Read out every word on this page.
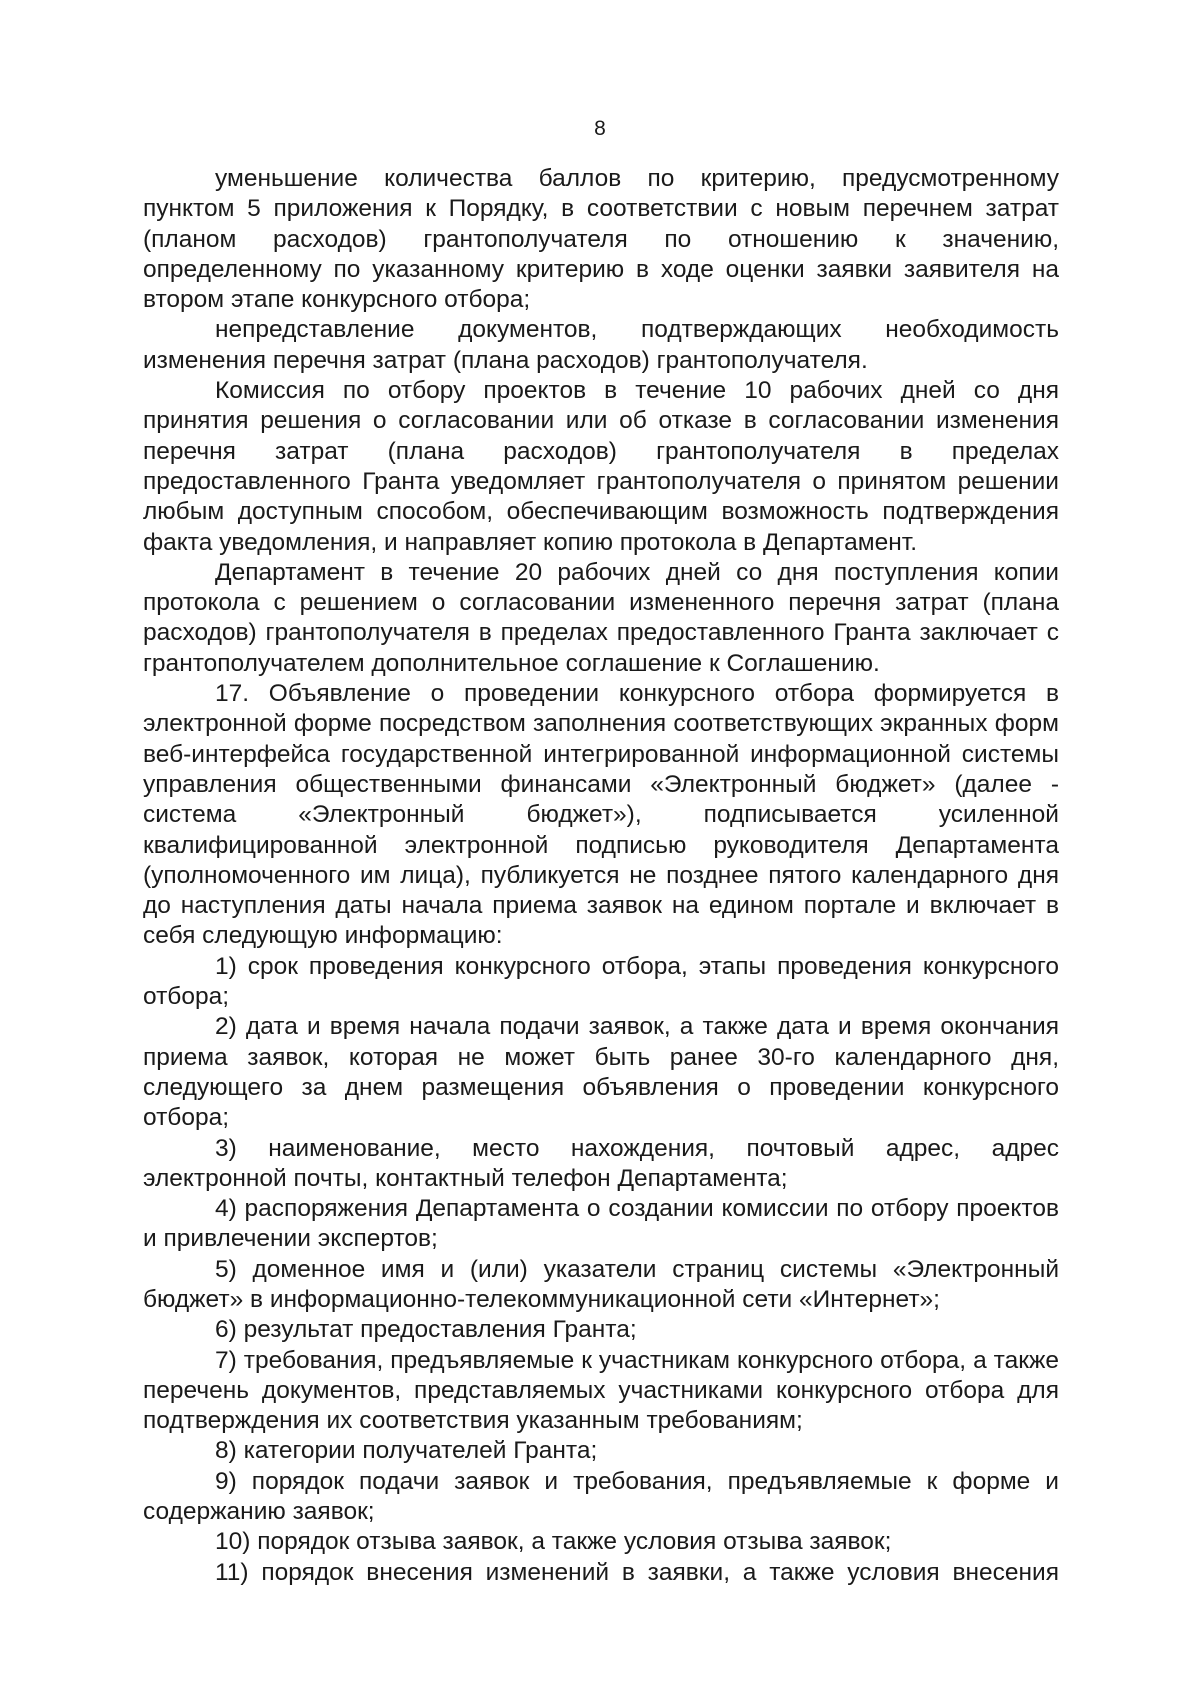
8

уменьшение количества баллов по критерию, предусмотренному пунктом 5 приложения к Порядку, в соответствии с новым перечнем затрат (планом расходов) грантополучателя по отношению к значению, определенному по указанному критерию в ходе оценки заявки заявителя на втором этапе конкурсного отбора;

непредставление документов, подтверждающих необходимость изменения перечня затрат (плана расходов) грантополучателя.

Комиссия по отбору проектов в течение 10 рабочих дней со дня принятия решения о согласовании или об отказе в согласовании изменения перечня затрат (плана расходов) грантополучателя в пределах предоставленного Гранта уведомляет грантополучателя о принятом решении любым доступным способом, обеспечивающим возможность подтверждения факта уведомления, и направляет копию протокола в Департамент.

Департамент в течение 20 рабочих дней со дня поступления копии протокола с решением о согласовании измененного перечня затрат (плана расходов) грантополучателя в пределах предоставленного Гранта заключает с грантополучателем дополнительное соглашение к Соглашению.

17. Объявление о проведении конкурсного отбора формируется в электронной форме посредством заполнения соответствующих экранных форм веб-интерфейса государственной интегрированной информационной системы управления общественными финансами «Электронный бюджет» (далее - система «Электронный бюджет»), подписывается усиленной квалифицированной электронной подписью руководителя Департамента (уполномоченного им лица), публикуется не позднее пятого календарного дня до наступления даты начала приема заявок на едином портале и включает в себя следующую информацию:

1) срок проведения конкурсного отбора, этапы проведения конкурсного отбора;

2) дата и время начала подачи заявок, а также дата и время окончания приема заявок, которая не может быть ранее 30-го календарного дня, следующего за днем размещения объявления о проведении конкурсного отбора;

3) наименование, место нахождения, почтовый адрес, адрес электронной почты, контактный телефон Департамента;

4) распоряжения Департамента о создании комиссии по отбору проектов и привлечении экспертов;

5) доменное имя и (или) указатели страниц системы «Электронный бюджет» в информационно-телекоммуникационной сети «Интернет»;

6) результат предоставления Гранта;

7) требования, предъявляемые к участникам конкурсного отбора, а также перечень документов, представляемых участниками конкурсного отбора для подтверждения их соответствия указанным требованиям;

8) категории получателей Гранта;

9) порядок подачи заявок и требования, предъявляемые к форме и содержанию заявок;

10) порядок отзыва заявок, а также условия отзыва заявок;

11) порядок внесения изменений в заявки, а также условия внесения
